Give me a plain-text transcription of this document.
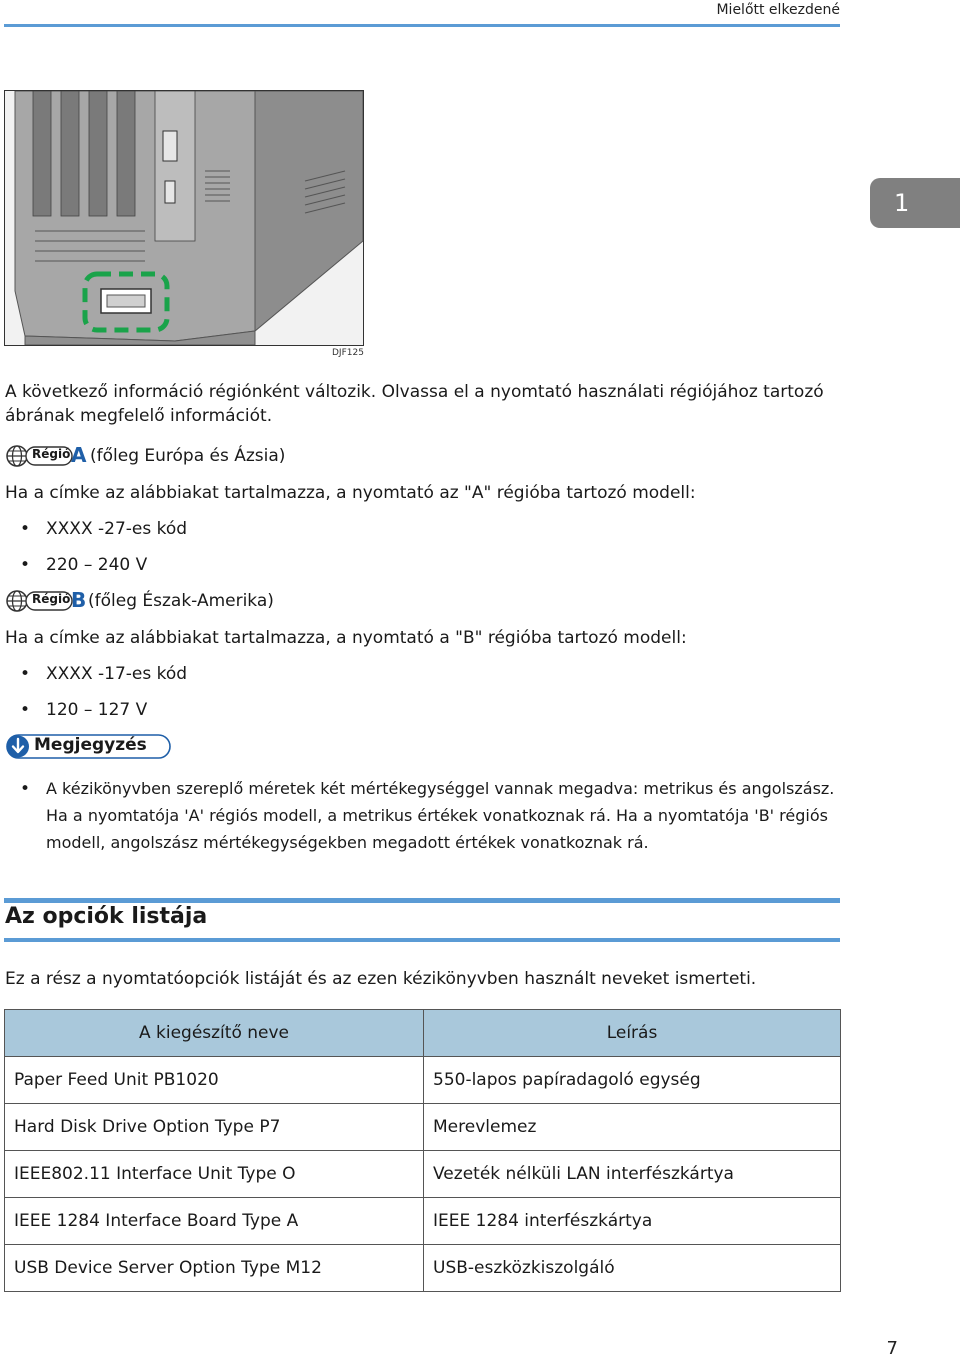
Mielőtt elkezdené
1
DJF125
A következő információ régiónként változik. Olvassa el a nyomtató használati régiójához tartozó
ábrának megfelelő információt.
Régió A (főleg Európa és Ázsia)
Ha a címke az alábbiakat tartalmazza, a nyomtató az "A" régióba tartozó modell:
• XXXX -27-es kód
• 220 – 240 V
Régió B (főleg Észak-Amerika)
Ha a címke az alábbiakat tartalmazza, a nyomtató a "B" régióba tartozó modell:
• XXXX -17-es kód
• 120 – 127 V
Megjegyzés
• A kézikönyvben szereplő méretek két mértékegységgel vannak megadva: metrikus és angolszász.
Ha a nyomtatója 'A' régiós modell, a metrikus értékek vonatkoznak rá. Ha a nyomtatója 'B' régiós
modell, angolszász mértékegységekben megadott értékek vonatkoznak rá.
Az opciók listája
Ez a rész a nyomtatóopciók listáját és az ezen kézikönyvben használt neveket ismerteti.
A kiegészítő neve	Leírás
Paper Feed Unit PB1020	550-lapos papíradagoló egység
Hard Disk Drive Option Type P7	Merevlemez
IEEE802.11 Interface Unit Type O	Vezeték nélküli LAN interfészkártya
IEEE 1284 Interface Board Type A	IEEE 1284 interfészkártya
USB Device Server Option Type M12	USB-eszközkiszolgáló
7
